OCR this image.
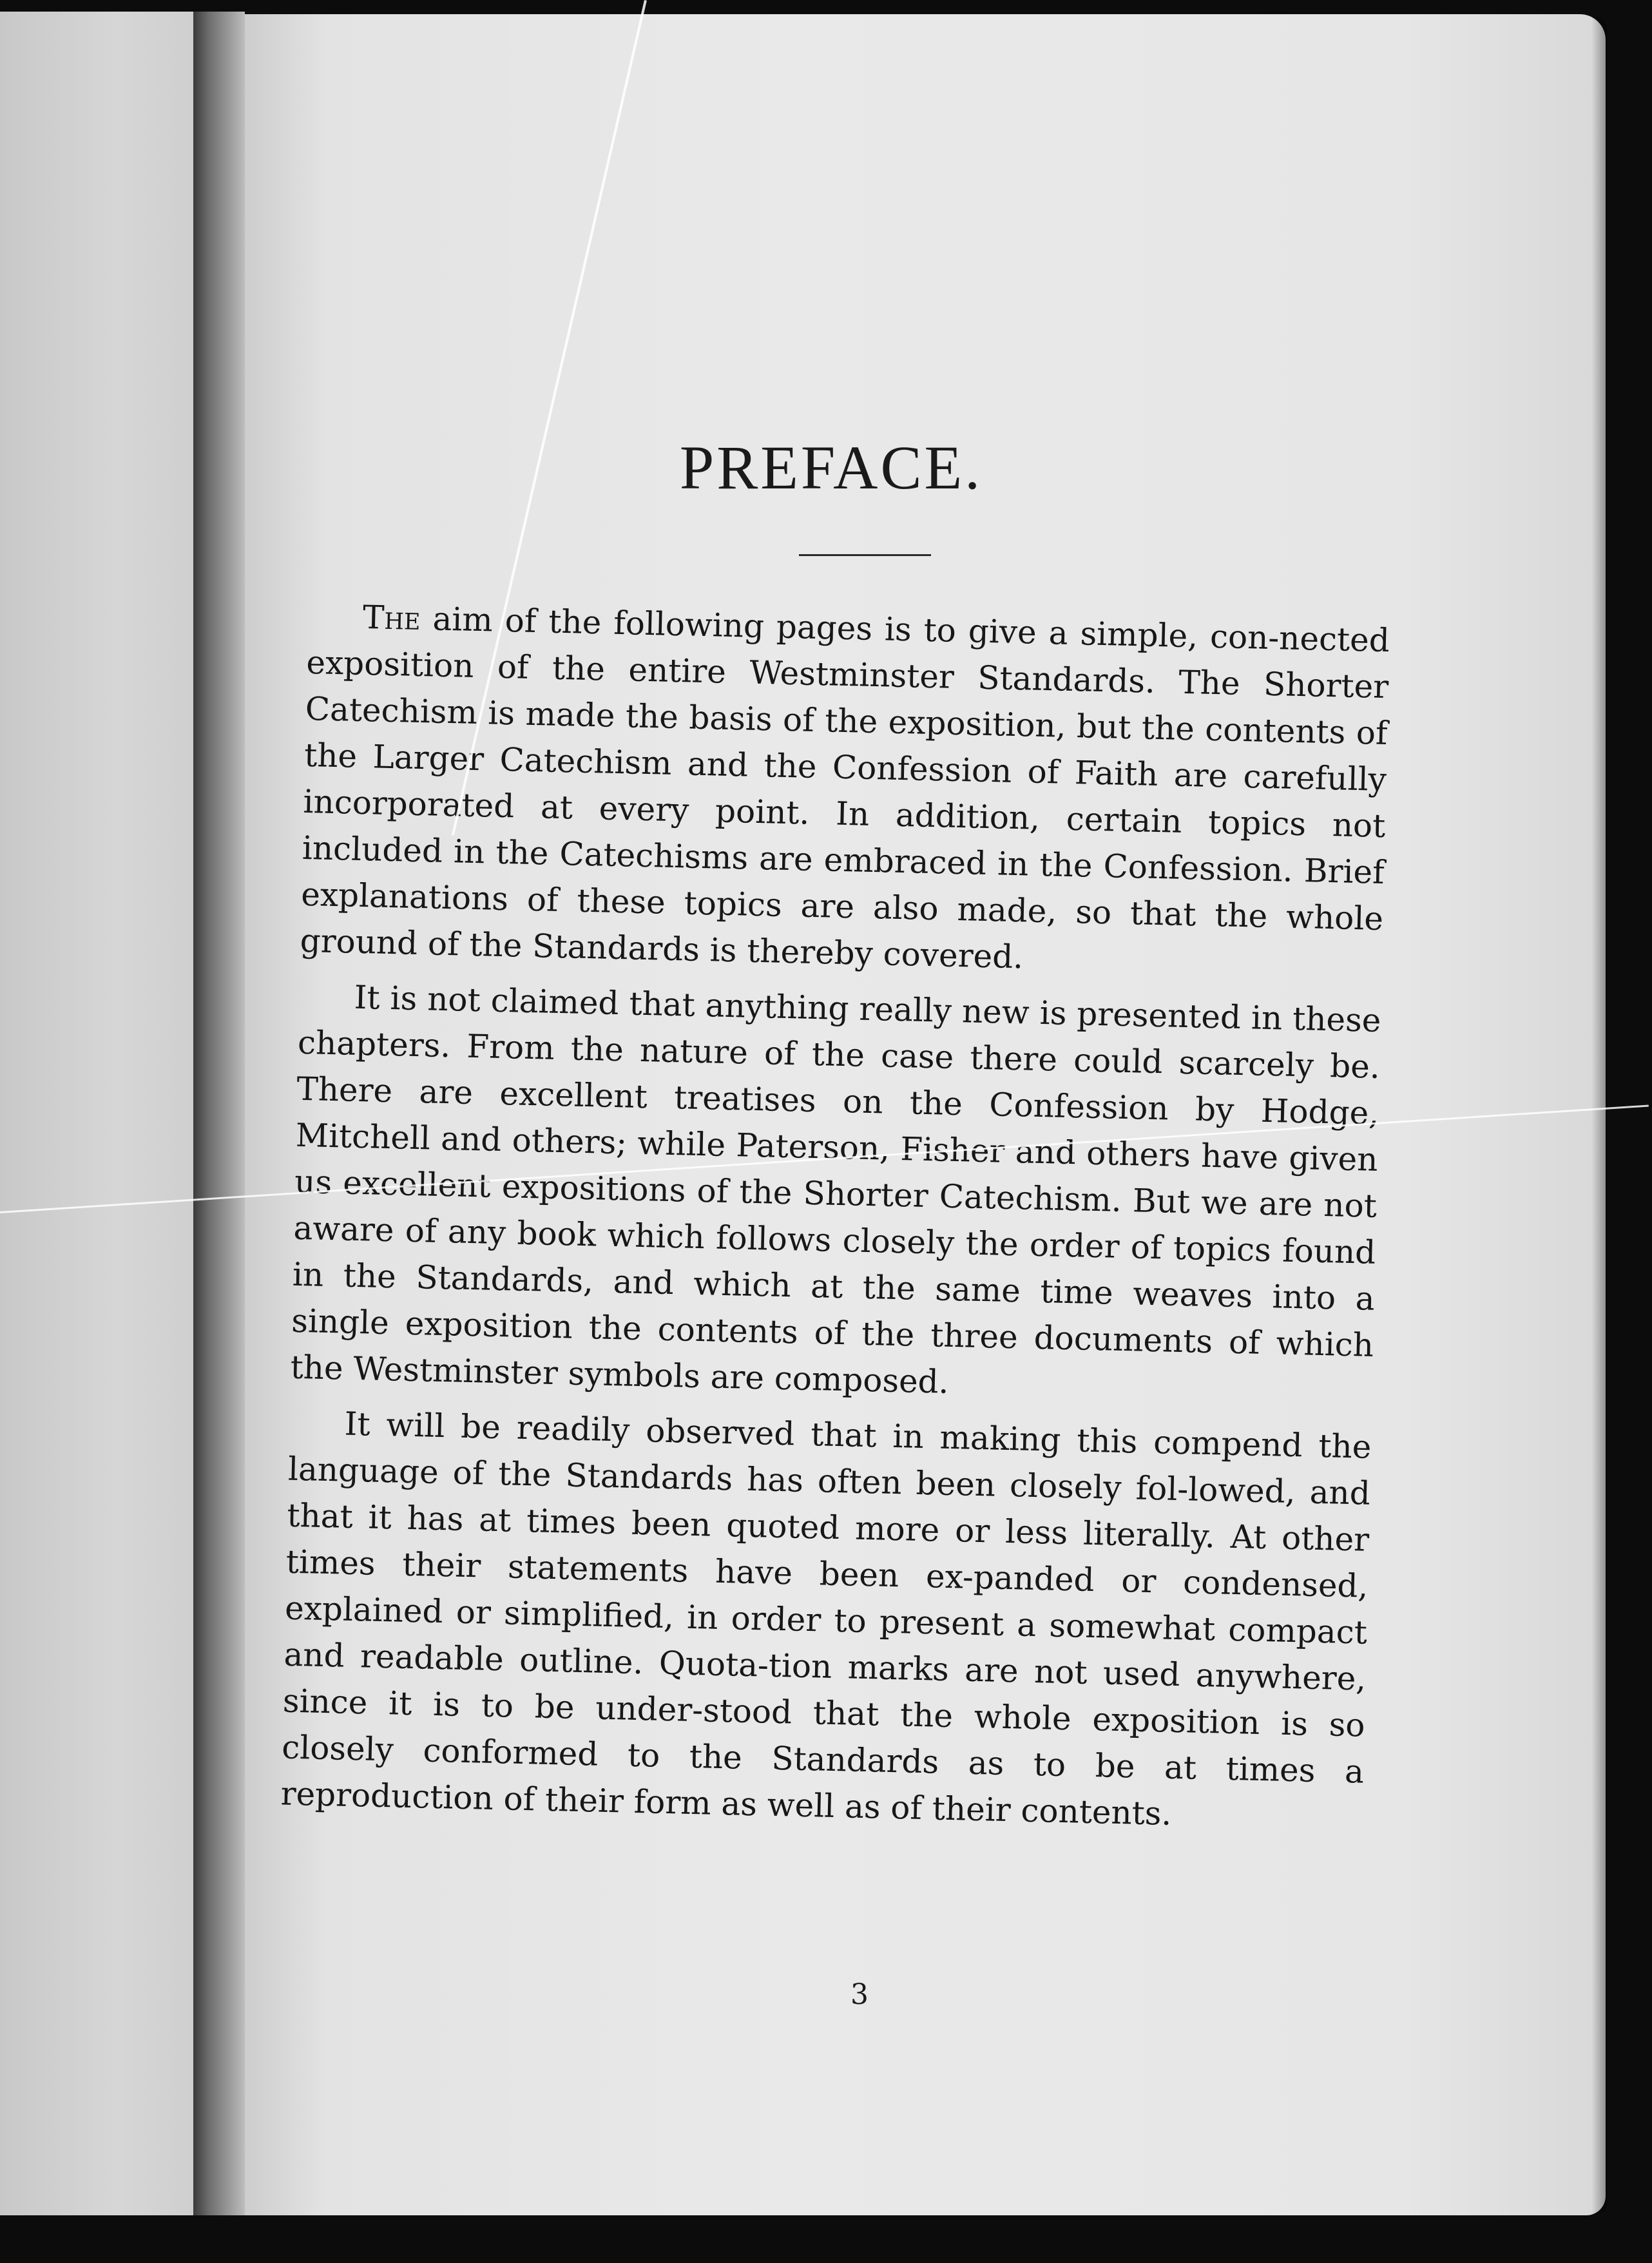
PREFACE.

The aim of the following pages is to give a simple, con-nected exposition of the entire Westminster Standards. The Shorter Catechism is made the basis of the exposition, but the contents of the Larger Catechism and the Confession of Faith are carefully incorporated at every point. In addition, certain topics not included in the Catechisms are embraced in the Confession. Brief explanations of these topics are also made, so that the whole ground of the Standards is thereby covered.

It is not claimed that anything really new is presented in these chapters. From the nature of the case there could scarcely be. There are excellent treatises on the Confession by Hodge, Mitchell and others; while Paterson, Fisher and others have given us excellent expositions of the Shorter Catechism. But we are not aware of any book which follows closely the order of topics found in the Standards, and which at the same time weaves into a single exposition the contents of the three documents of which the Westminster symbols are composed.

It will be readily observed that in making this compend the language of the Standards has often been closely fol-lowed, and that it has at times been quoted more or less literally. At other times their statements have been ex-panded or condensed, explained or simplified, in order to present a somewhat compact and readable outline. Quota-tion marks are not used anywhere, since it is to be under-stood that the whole exposition is so closely conformed to the Standards as to be at times a reproduction of their form as well as of their contents.

3
